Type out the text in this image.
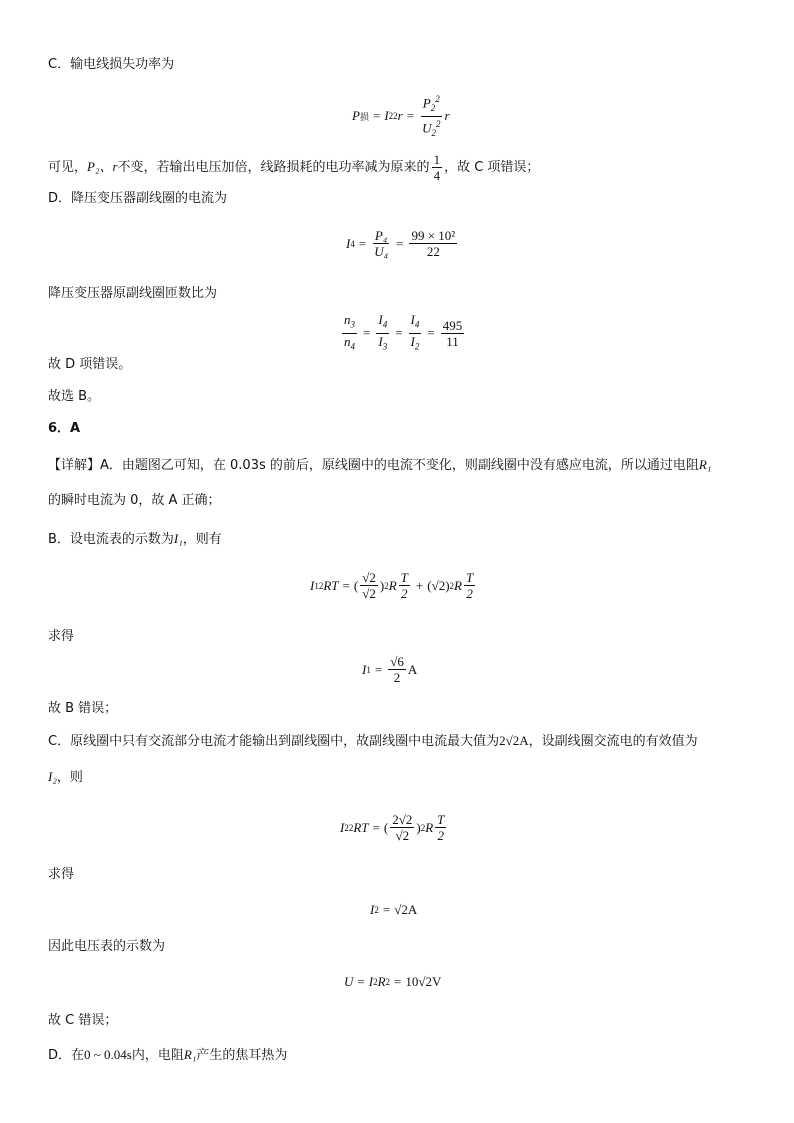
C．输电线损失功率为
P 损 = I 2 2 $r = \frac{P_2^2}{U_2^2}$ r
可见，P₂、r不变，若输出电压加倍，线路损耗的电功率减为原来的 $\frac{1}{4}$ ，故 C 项错误；
D．降压变压器副线圈的电流为
I $4 = \frac{\text{P₄}}{\text{U₄}} = \frac{\text{99 × 10²}}{22}$
降压变压器原副线圈匝数比为
$\frac{n_3}{n_4} = \frac{I_4}{I_3} = \frac{I_4}{I_2} = \frac{495}{11}$
故 D 项错误。
故选 B。
6．A
【详解】A．由题图乙可知，在 0.03s 的前后，原线圈中的电流不变化，则副线圈中没有感应电流，所以通过电阻R₁
的瞬时电流为 0，故 A 正确；
B．设电流表的示数为I₁，则有
I 1 2 RT = ( $\frac{√2}{√2}$ ) 2 R $\frac{T}{2}$ + ( √2 ) 2 R $\frac{T}{2}$
求得
I $1 = \frac{√6}{2}$ A
故 B 错误；
C．原线圈中只有交流部分电流才能输出到副线圈中，故副线圈中电流最大值为2√2A，设副线圈交流电的有效值为
I₂，则
I 2 2 RT = ( $\frac{2√2}{√2}$ ) 2 R $\frac{T}{2}$
求得
I 2 = √2A
因此电压表的示数为
U = I 2 R 2 = 10√2V
故 C 错误；
D．在0 ~ 0.04s内，电阻R₁产生的焦耳热为
